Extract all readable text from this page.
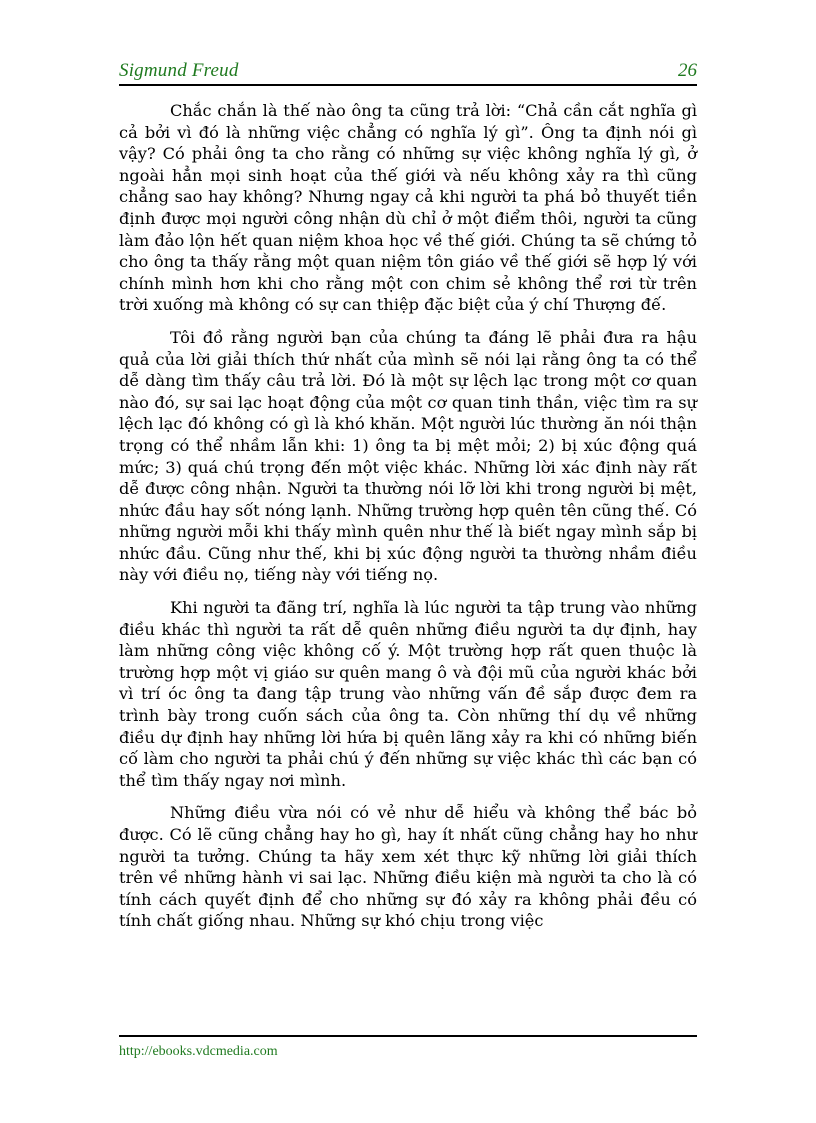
Sigmund Freud	26

Chắc chắn là thế nào ông ta cũng trả lời: “Chả cần cắt nghĩa gì cả bởi vì đó là những việc chẳng có nghĩa lý gì”. Ông ta định nói gì vậy? Có phải ông ta cho rằng có những sự việc không nghĩa lý gì, ở ngoài hẳn mọi sinh hoạt của thế giới và nếu không xảy ra thì cũng chẳng sao hay không? Nhưng ngay cả khi người ta phá bỏ thuyết tiền định được mọi người công nhận dù chỉ ở một điểm thôi, người ta cũng làm đảo lộn hết quan niệm khoa học về thế giới. Chúng ta sẽ chứng tỏ cho ông ta thấy rằng một quan niệm tôn giáo về thế giới sẽ hợp lý với chính mình hơn khi cho rằng một con chim sẻ không thể rơi từ trên trời xuống mà không có sự can thiệp đặc biệt của ý chí Thượng đế.

Tôi đồ rằng người bạn của chúng ta đáng lẽ phải đưa ra hậu quả của lời giải thích thứ nhất của mình sẽ nói lại rằng ông ta có thể dễ dàng tìm thấy câu trả lời. Đó là một sự lệch lạc trong một cơ quan nào đó, sự sai lạc hoạt động của một cơ quan tinh thần, việc tìm ra sự lệch lạc đó không có gì là khó khăn. Một người lúc thường ăn nói thận trọng có thể nhầm lẫn khi: 1) ông ta bị mệt mỏi; 2) bị xúc động quá mức; 3) quá chú trọng đến một việc khác. Những lời xác định này rất dễ được công nhận. Người ta thường nói lỡ lời khi trong người bị mệt, nhức đầu hay sốt nóng lạnh. Những trường hợp quên tên cũng thế. Có những người mỗi khi thấy mình quên như thế là biết ngay mình sắp bị nhức đầu. Cũng như thế, khi bị xúc động người ta thường nhầm điều này với điều nọ, tiếng này với tiếng nọ.

Khi người ta đãng trí, nghĩa là lúc người ta tập trung vào những điều khác thì người ta rất dễ quên những điều người ta dự định, hay làm những công việc không cố ý. Một trường hợp rất quen thuộc là trường hợp một vị giáo sư quên mang ô và đội mũ của người khác bởi vì trí óc ông ta đang tập trung vào những vấn đề sắp được đem ra trình bày trong cuốn sách của ông ta. Còn những thí dụ về những điều dự định hay những lời hứa bị quên lãng xảy ra khi có những biến cố làm cho người ta phải chú ý đến những sự việc khác thì các bạn có thể tìm thấy ngay nơi mình.

Những điều vừa nói có vẻ như dễ hiểu và không thể bác bỏ được. Có lẽ cũng chẳng hay ho gì, hay ít nhất cũng chẳng hay ho như người ta tưởng. Chúng ta hãy xem xét thực kỹ những lời giải thích trên về những hành vi sai lạc. Những điều kiện mà người ta cho là có tính cách quyết định để cho những sự đó xảy ra không phải đều có tính chất giống nhau. Những sự khó chịu trong việc

http://ebooks.vdcmedia.com
